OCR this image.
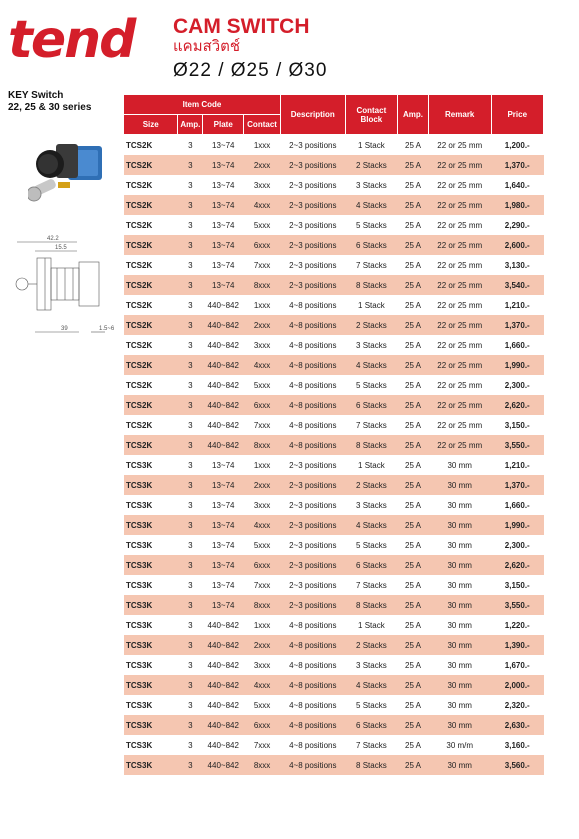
tend CAM SWITCH
แคมสวิตช์
Ø22 / Ø25 / Ø30
KEY Switch
22, 25 & 30 series
42.2
15.5
39	1.5~6
Item Code				Description	Contact Block	Amp.	Remark	Price
Size	Amp.	Plate	Contact					
TCS2K	3	13~74	1xxx	2~3 positions	1 Stack	25 A	22 or 25 mm	1,200.-
TCS2K	3	13~74	2xxx	2~3 positions	2 Stacks	25 A	22 or 25 mm	1,370.-
TCS2K	3	13~74	3xxx	2~3 positions	3 Stacks	25 A	22 or 25 mm	1,640.-
TCS2K	3	13~74	4xxx	2~3 positions	4 Stacks	25 A	22 or 25 mm	1,980.-
TCS2K	3	13~74	5xxx	2~3 positions	5 Stacks	25 A	22 or 25 mm	2,290.-
TCS2K	3	13~74	6xxx	2~3 positions	6 Stacks	25 A	22 or 25 mm	2,600.-
TCS2K	3	13~74	7xxx	2~3 positions	7 Stacks	25 A	22 or 25 mm	3,130.-
TCS2K	3	13~74	8xxx	2~3 positions	8 Stacks	25 A	22 or 25 mm	3,540.-
TCS2K	3	440~842	1xxx	4~8 positions	1 Stack	25 A	22 or 25 mm	1,210.-
TCS2K	3	440~842	2xxx	4~8 positions	2 Stacks	25 A	22 or 25 mm	1,370.-
TCS2K	3	440~842	3xxx	4~8 positions	3 Stacks	25 A	22 or 25 mm	1,660.-
TCS2K	3	440~842	4xxx	4~8 positions	4 Stacks	25 A	22 or 25 mm	1,990.-
TCS2K	3	440~842	5xxx	4~8 positions	5 Stacks	25 A	22 or 25 mm	2,300.-
TCS2K	3	440~842	6xxx	4~8 positions	6 Stacks	25 A	22 or 25 mm	2,620.-
TCS2K	3	440~842	7xxx	4~8 positions	7 Stacks	25 A	22 or 25 mm	3,150.-
TCS2K	3	440~842	8xxx	4~8 positions	8 Stacks	25 A	22 or 25 mm	3,550.-
TCS3K	3	13~74	1xxx	2~3 positions	1 Stack	25 A	30 mm	1,210.-
TCS3K	3	13~74	2xxx	2~3 positions	2 Stacks	25 A	30 mm	1,370.-
TCS3K	3	13~74	3xxx	2~3 positions	3 Stacks	25 A	30 mm	1,660.-
TCS3K	3	13~74	4xxx	2~3 positions	4 Stacks	25 A	30 mm	1,990.-
TCS3K	3	13~74	5xxx	2~3 positions	5 Stacks	25 A	30 mm	2,300.-
TCS3K	3	13~74	6xxx	2~3 positions	6 Stacks	25 A	30 mm	2,620.-
TCS3K	3	13~74	7xxx	2~3 positions	7 Stacks	25 A	30 mm	3,150.-
TCS3K	3	13~74	8xxx	2~3 positions	8 Stacks	25 A	30 mm	3,550.-
TCS3K	3	440~842	1xxx	4~8 positions	1 Stack	25 A	30 mm	1,220.-
TCS3K	3	440~842	2xxx	4~8 positions	2 Stacks	25 A	30 mm	1,390.-
TCS3K	3	440~842	3xxx	4~8 positions	3 Stacks	25 A	30 mm	1,670.-
TCS3K	3	440~842	4xxx	4~8 positions	4 Stacks	25 A	30 mm	2,000.-
TCS3K	3	440~842	5xxx	4~8 positions	5 Stacks	25 A	30 mm	2,320.-
TCS3K	3	440~842	6xxx	4~8 positions	6 Stacks	25 A	30 mm	2,630.-
TCS3K	3	440~842	7xxx	4~8 positions	7 Stacks	25 A	30 m/m	3,160.-
TCS3K	3	440~842	8xxx	4~8 positions	8 Stacks	25 A	30 mm	3,560.-
